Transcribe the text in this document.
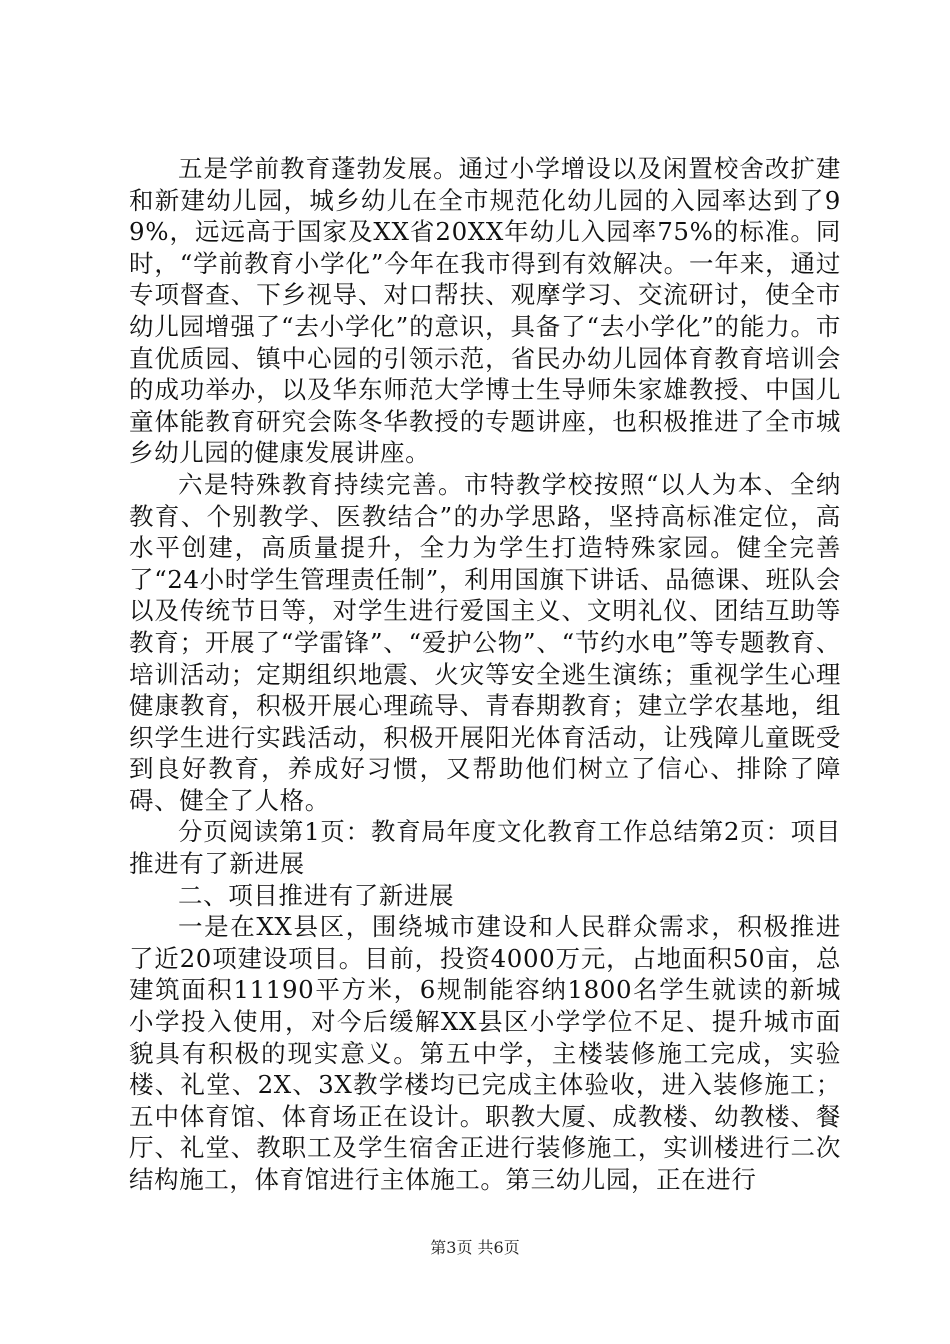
五是学前教育蓬勃发展。通过小学增设以及闲置校舍改扩建和新建幼儿园，城乡幼儿在全市规范化幼儿园的入园率达到了99%，远远高于国家及XX省20XX年幼儿入园率75%的标准。同时，“学前教育小学化”今年在我市得到有效解决。一年来，通过专项督查、下乡视导、对口帮扶、观摩学习、交流研讨，使全市幼儿园增强了“去小学化”的意识，具备了“去小学化”的能力。市直优质园、镇中心园的引领示范，省民办幼儿园体育教育培训会的成功举办，以及华东师范大学博士生导师朱家雄教授、中国儿童体能教育研究会陈冬华教授的专题讲座，也积极推进了全市城乡幼儿园的健康发展讲座。

六是特殊教育持续完善。市特教学校按照“以人为本、全纳教育、个别教学、医教结合”的办学思路，坚持高标准定位，高水平创建，高质量提升，全力为学生打造特殊家园。健全完善了“24小时学生管理责任制”，利用国旗下讲话、品德课、班队会以及传统节日等，对学生进行爱国主义、文明礼仪、团结互助等教育；开展了“学雷锋”、“爱护公物”、“节约水电”等专题教育、培训活动；定期组织地震、火灾等安全逃生演练；重视学生心理健康教育，积极开展心理疏导、青春期教育；建立学农基地，组织学生进行实践活动，积极开展阳光体育活动，让残障儿童既受到良好教育，养成好习惯，又帮助他们树立了信心、排除了障碍、健全了人格。

分页阅读第1页：教育局年度文化教育工作总结第2页：项目推进有了新进展

二、项目推进有了新进展

一是在XX县区，围绕城市建设和人民群众需求，积极推进了近20项建设项目。目前，投资4000万元，占地面积50亩，总建筑面积11190平方米，6规制能容纳1800名学生就读的新城小学投入使用，对今后缓解XX县区小学学位不足、提升城市面貌具有积极的现实意义。第五中学，主楼装修施工完成，实验楼、礼堂、2X、3X教学楼均已完成主体验收，进入装修施工；五中体育馆、体育场正在设计。职教大厦、成教楼、幼教楼、餐厅、礼堂、教职工及学生宿舍正进行装修施工，实训楼进行二次结构施工，体育馆进行主体施工。第三幼儿园，正在进行

第3页 共6页
